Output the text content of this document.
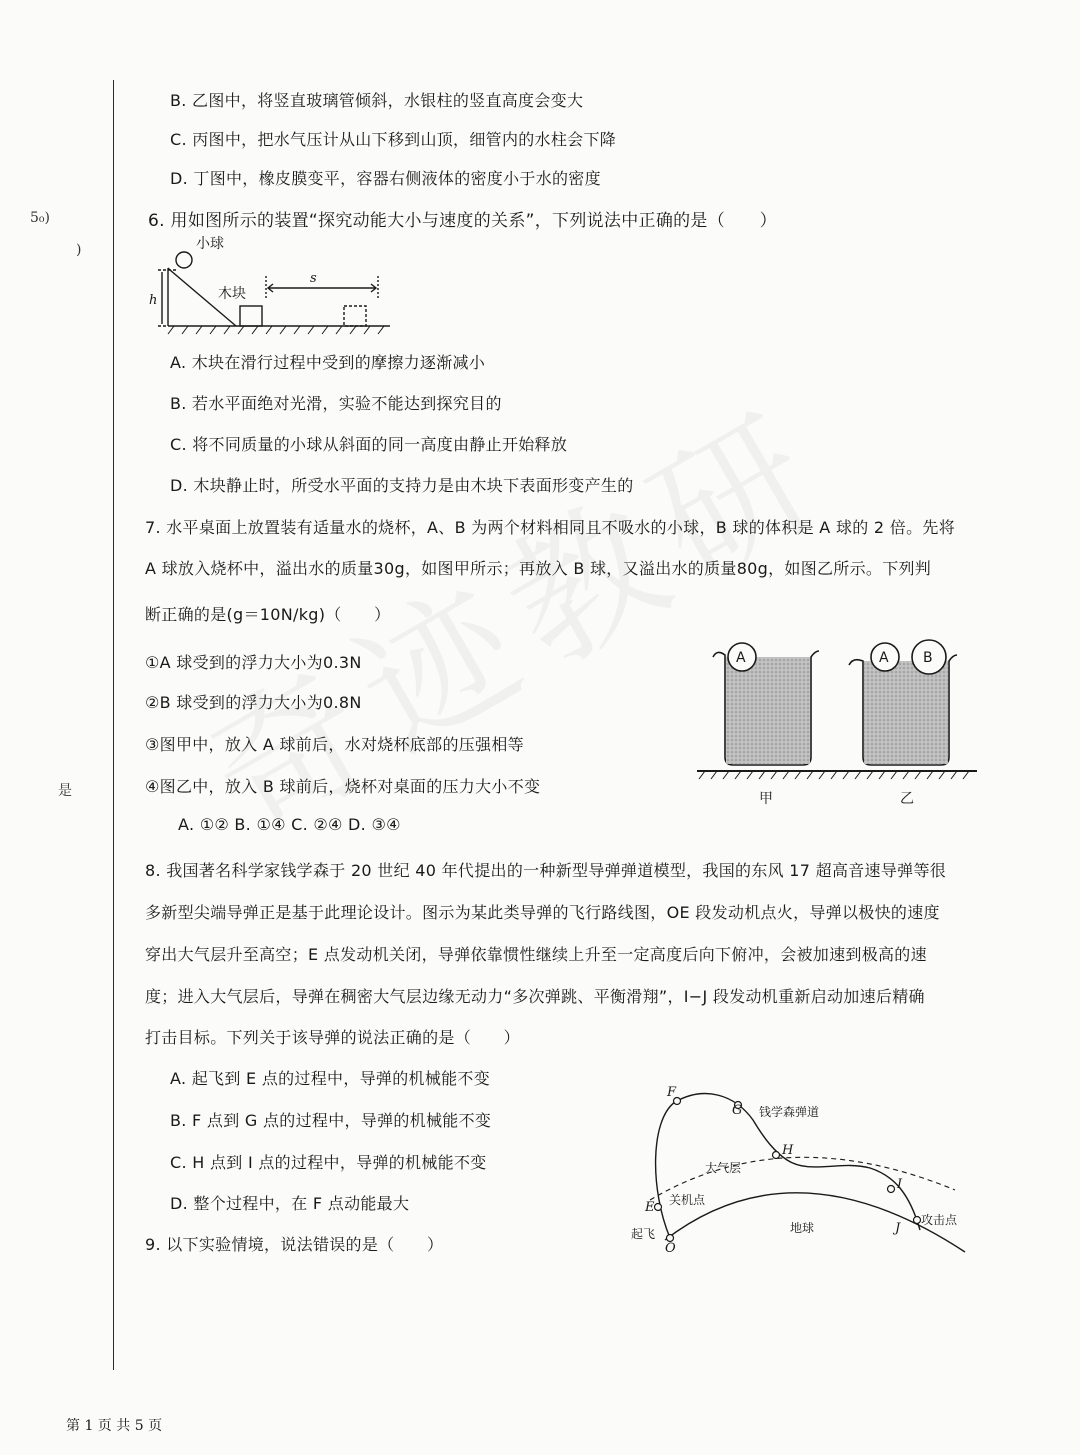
5₀)
)
是
B. 乙图中，将竖直玻璃管倾斜，水银柱的竖直高度会变大
C. 丙图中，把水气压计从山下移到山顶，细管内的水柱会下降
D. 丁图中，橡皮膜变平，容器右侧液体的密度小于水的密度
6. 用如图所示的装置“探究动能大小与速度的关系”，下列说法中正确的是（　　）
小球
木块
h
s
A. 木块在滑行过程中受到的摩擦力逐渐减小
B. 若水平面绝对光滑，实验不能达到探究目的
C. 将不同质量的小球从斜面的同一高度由静止开始释放
D. 木块静止时，所受水平面的支持力是由木块下表面形变产生的
7. 水平桌面上放置装有适量水的烧杯，A、B 为两个材料相同且不吸水的小球，B 球的体积是 A 球的 2 倍。先将
A 球放入烧杯中，溢出水的质量30g，如图甲所示；再放入 B 球，又溢出水的质量80g，如图乙所示。下列判
断正确的是(g＝10N/kg)（　　）
①A 球受到的浮力大小为0.3N
②B 球受到的浮力大小为0.8N
③图甲中，放入 A 球前后，水对烧杯底部的压强相等
④图乙中，放入 B 球前后，烧杯对桌面的压力大小不变
A. ①② B. ①④ C. ②④ D. ③④
A	A B
甲	乙
8. 我国著名科学家钱学森于 20 世纪 40 年代提出的一种新型导弹弹道模型，我国的东风 17 超高音速导弹等很
多新型尖端导弹正是基于此理论设计。图示为某此类导弹的飞行路线图，OE 段发动机点火，导弹以极快的速度
穿出大气层升至高空；E 点发动机关闭，导弹依靠惯性继续上升至一定高度后向下俯冲，会被加速到极高的速
度；进入大气层后，导弹在稠密大气层边缘无动力“多次弹跳、平衡滑翔”，I−J 段发动机重新启动加速后精确
打击目标。下列关于该导弹的说法正确的是（　　）
A. 起飞到 E 点的过程中，导弹的机械能不变
B. F 点到 G 点的过程中，导弹的机械能不变
C. H 点到 I 点的过程中，导弹的机械能不变
D. 整个过程中，在 F 点动能最大
F
G
H
I
J
E
O
钱学森弹道
大气层
地球
关机点
起飞
攻击点
9. 以下实验情境，说法错误的是（　　）
第 1 页 共 5 页
